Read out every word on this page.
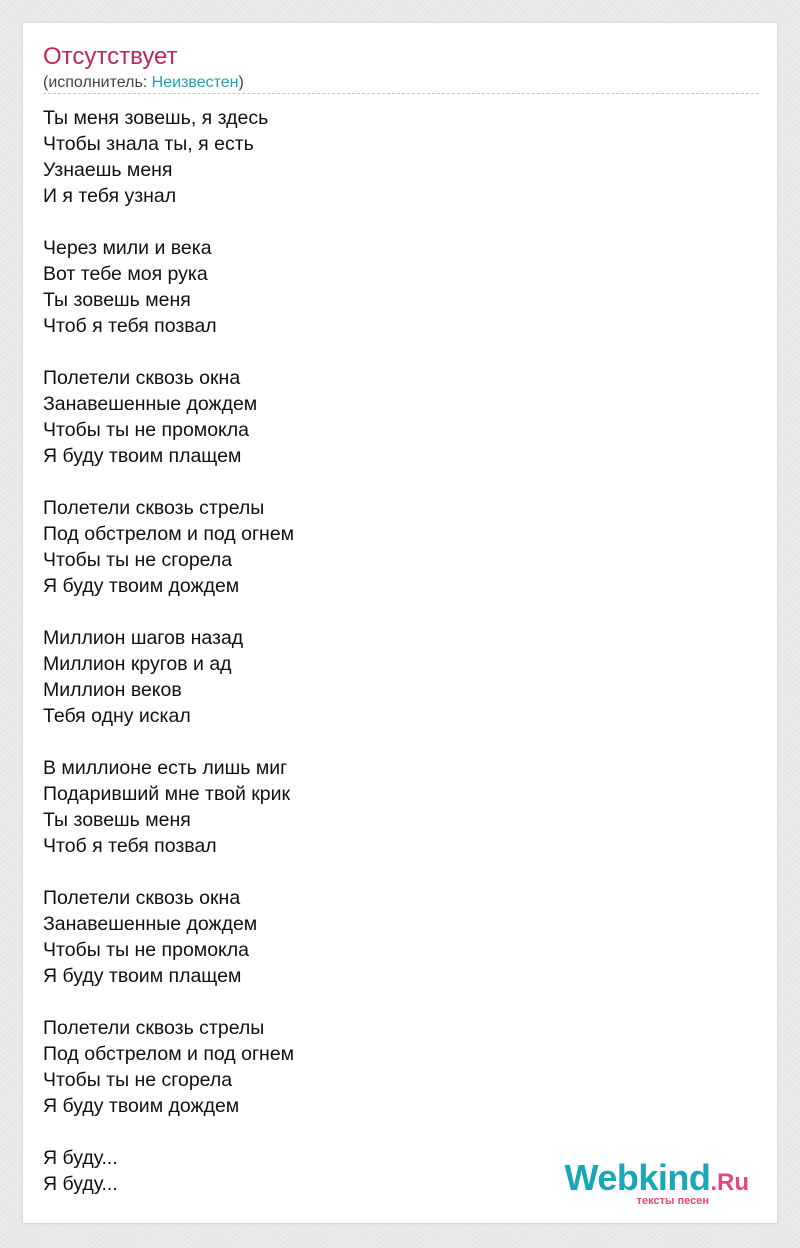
Отсутствует
(исполнитель: Неизвестен)
Ты меня зовешь, я здесь
Чтобы знала ты, я есть
Узнаешь меня
И я тебя узнал
Через мили и века
Вот тебе моя рука
Ты зовешь меня
Чтоб я тебя позвал
Полетели сквозь окна
Занавешенные дождем
Чтобы ты не промокла
Я буду твоим плащем
Полетели сквозь стрелы
Под обстрелом и под огнем
Чтобы ты не сгорела
Я буду твоим дождем
Миллион шагов назад
Миллион кругов и ад
Миллион веков
Тебя одну искал
В миллионе есть лишь миг
Подаривший мне твой крик
Ты зовешь меня
Чтоб я тебя позвал
Полетели сквозь окна
Занавешенные дождем
Чтобы ты не промокла
Я буду твоим плащем
Полетели сквозь стрелы
Под обстрелом и под огнем
Чтобы ты не сгорела
Я буду твоим дождем
Я буду...
Я буду...	Webkind.Ru
тексты песен
